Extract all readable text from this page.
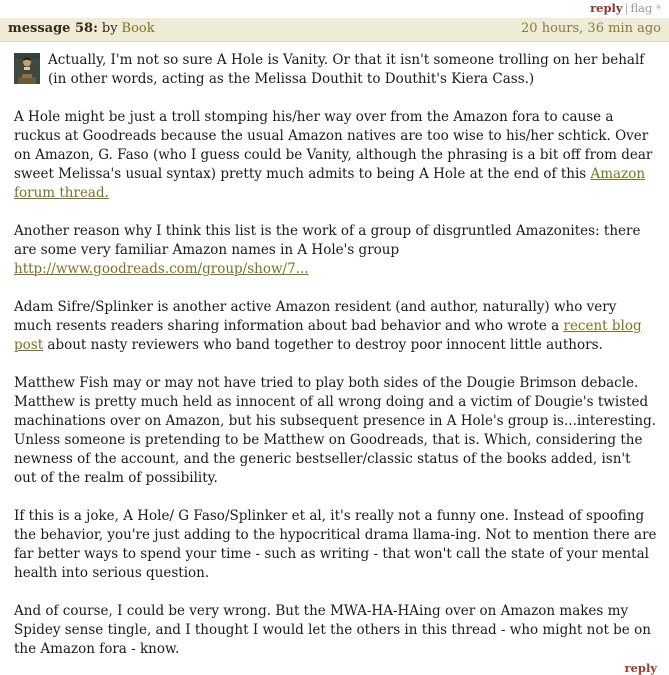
reply | flag *
message 58: by Book	20 hours, 36 min ago

Actually, I'm not so sure A Hole is Vanity. Or that it isn't someone trolling on her behalf (in other words, acting as the Melissa Douthit to Douthit's Kiera Cass.)

A Hole might be just a troll stomping his/her way over from the Amazon fora to cause a ruckus at Goodreads because the usual Amazon natives are too wise to his/her schtick. Over on Amazon, G. Faso (who I guess could be Vanity, although the phrasing is a bit off from dear sweet Melissa's usual syntax) pretty much admits to being A Hole at the end of this Amazon forum thread.

Another reason why I think this list is the work of a group of disgruntled Amazonites: there are some very familiar Amazon names in A Hole's group http://www.goodreads.com/group/show/7...

Adam Sifre/Splinker is another active Amazon resident (and author, naturally) who very much resents readers sharing information about bad behavior and who wrote a recent blog post about nasty reviewers who band together to destroy poor innocent little authors.

Matthew Fish may or may not have tried to play both sides of the Dougie Brimson debacle. Matthew is pretty much held as innocent of all wrong doing and a victim of Dougie's twisted machinations over on Amazon, but his subsequent presence in A Hole's group is...interesting. Unless someone is pretending to be Matthew on Goodreads, that is. Which, considering the newness of the account, and the generic bestseller/classic status of the books added, isn't out of the realm of possibility.

If this is a joke, A Hole/ G Faso/Splinker et al, it's really not a funny one. Instead of spoofing the behavior, you're just adding to the hypocritical drama llama-ing. Not to mention there are far better ways to spend your time - such as writing - that won't call the state of your mental health into serious question.

And of course, I could be very wrong. But the MWA-HA-HAing over on Amazon makes my Spidey sense tingle, and I thought I would let the others in this thread - who might not be on the Amazon fora - know.

reply
